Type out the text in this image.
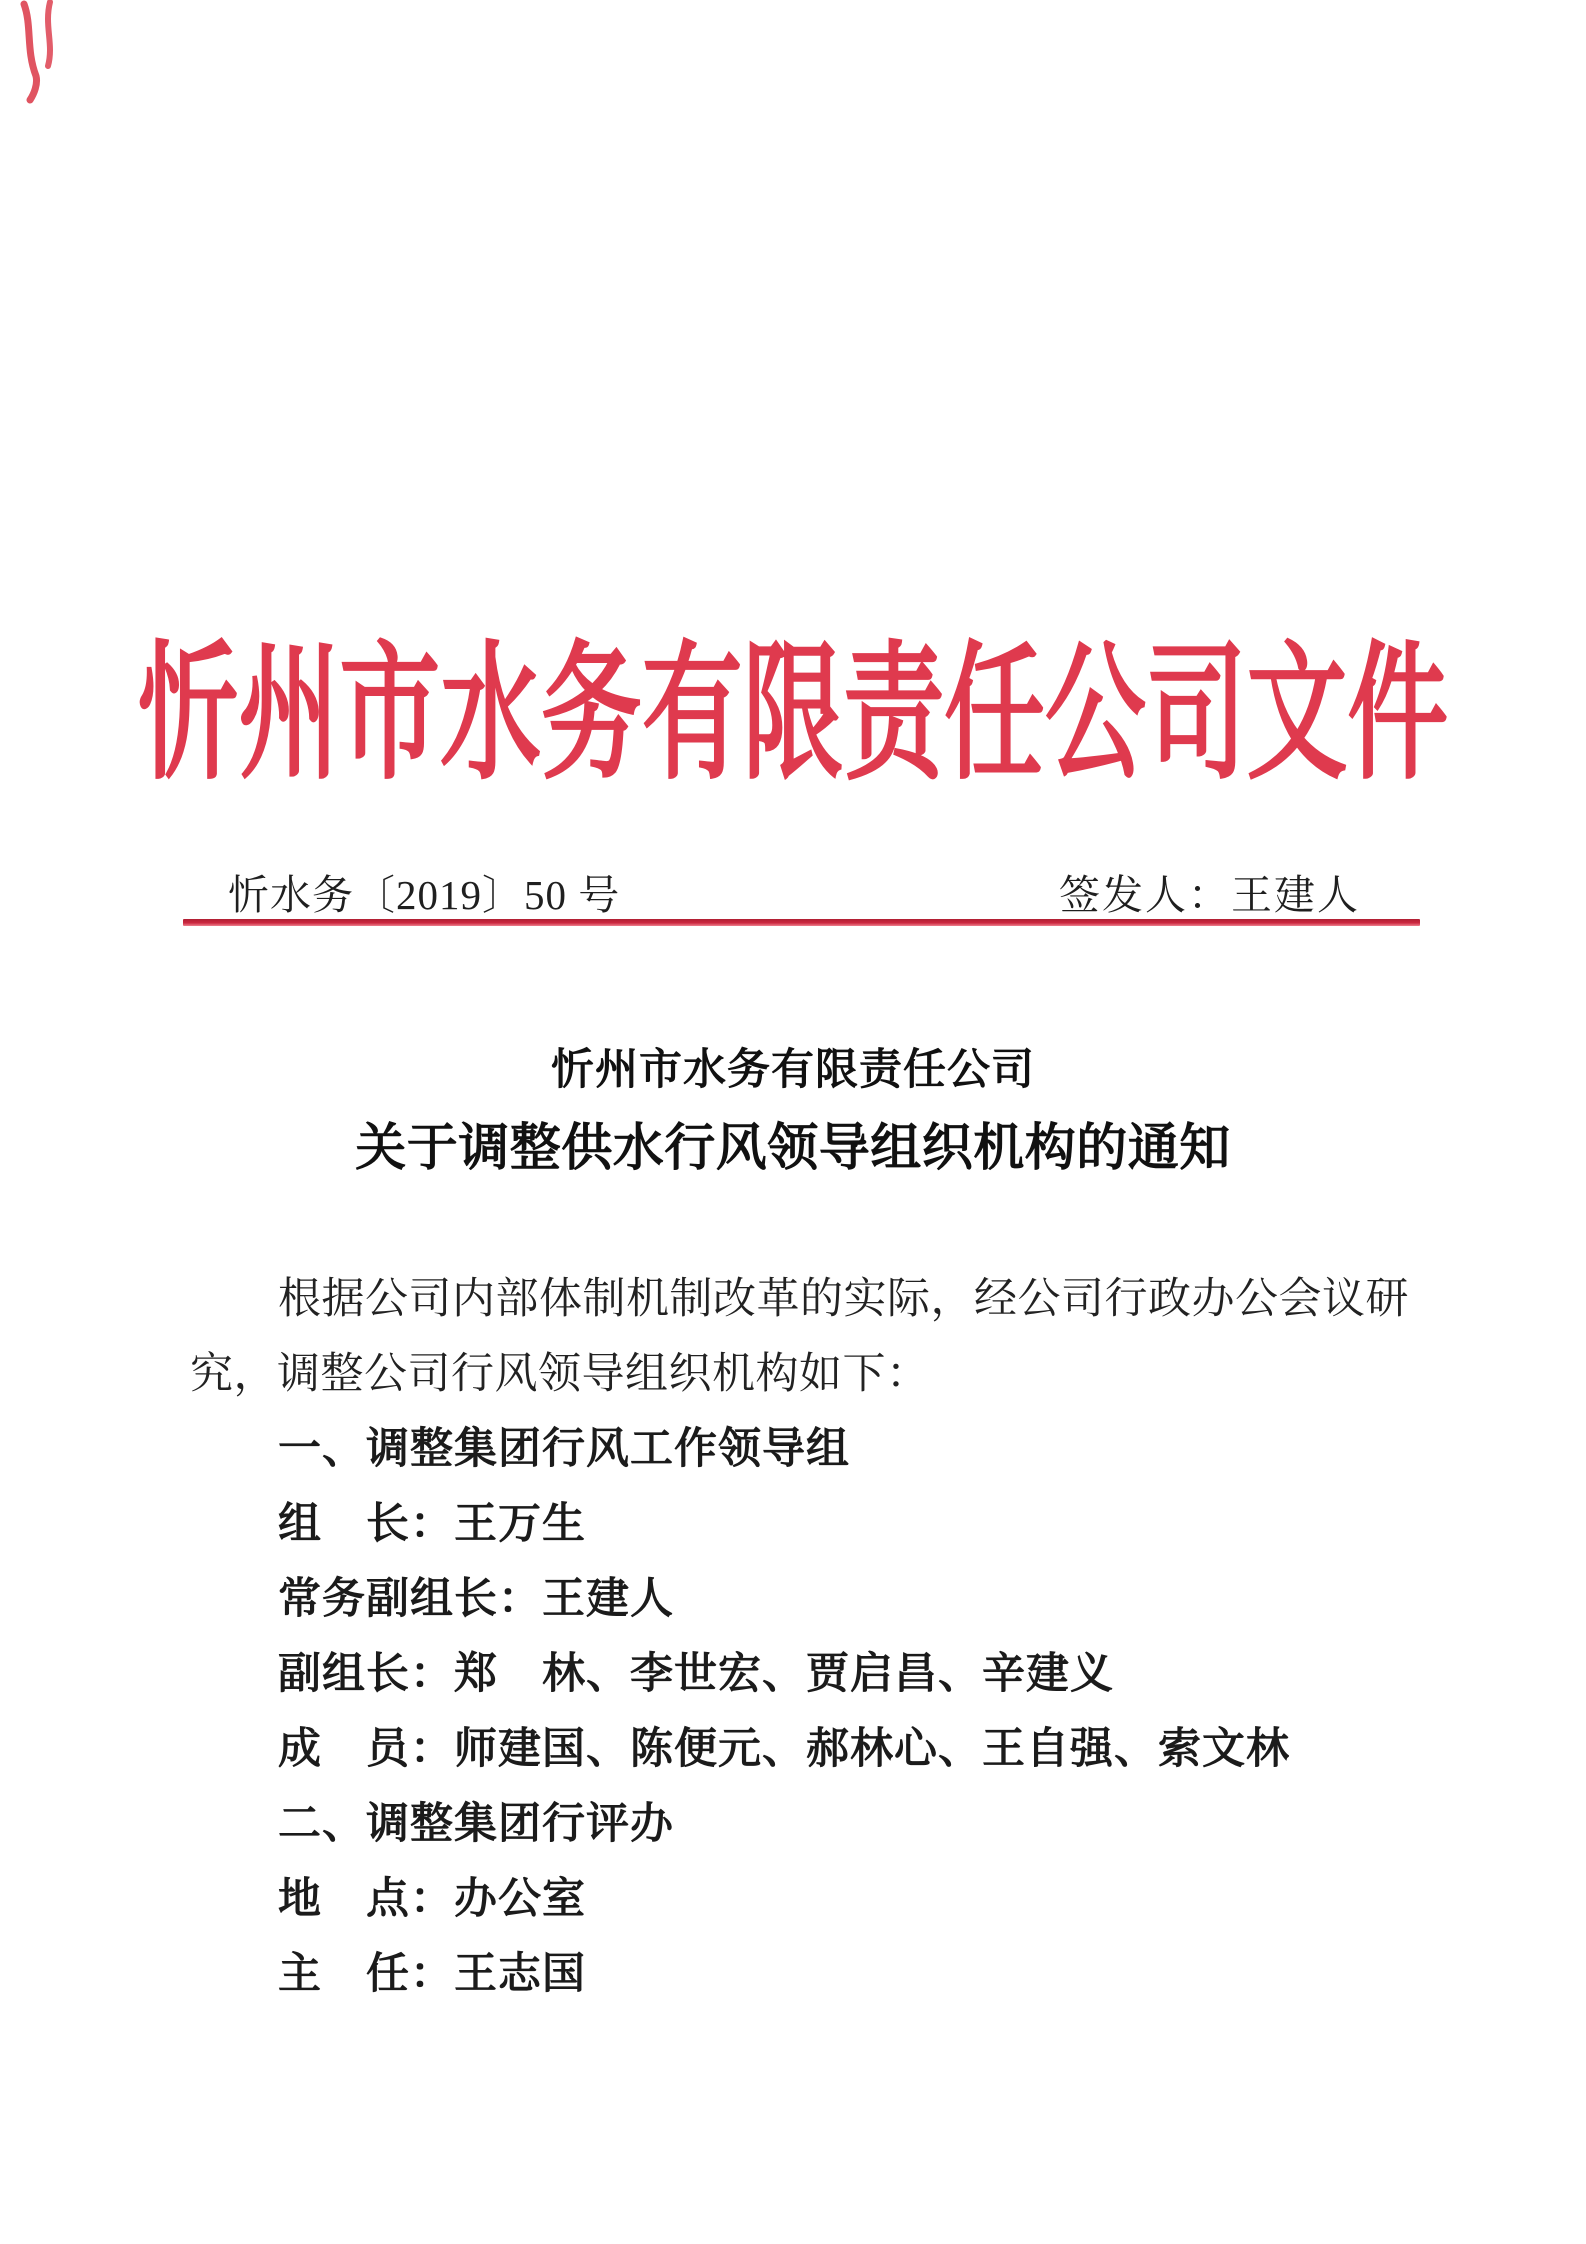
忻州市水务有限责任公司文件
忻水务〔2019〕50 号	签发人：王建人
忻州市水务有限责任公司
关于调整供水行风领导组织机构的通知
根据公司内部体制机制改革的实际，经公司行政办公会议研
究，调整公司行风领导组织机构如下：
一、调整集团行风工作领导组
组　长：王万生
常务副组长：王建人
副组长：郑　林、李世宏、贾启昌、辛建义
成　员：师建国、陈便元、郝林心、王自强、索文林
二、调整集团行评办
地　点：办公室
主　任：王志国
